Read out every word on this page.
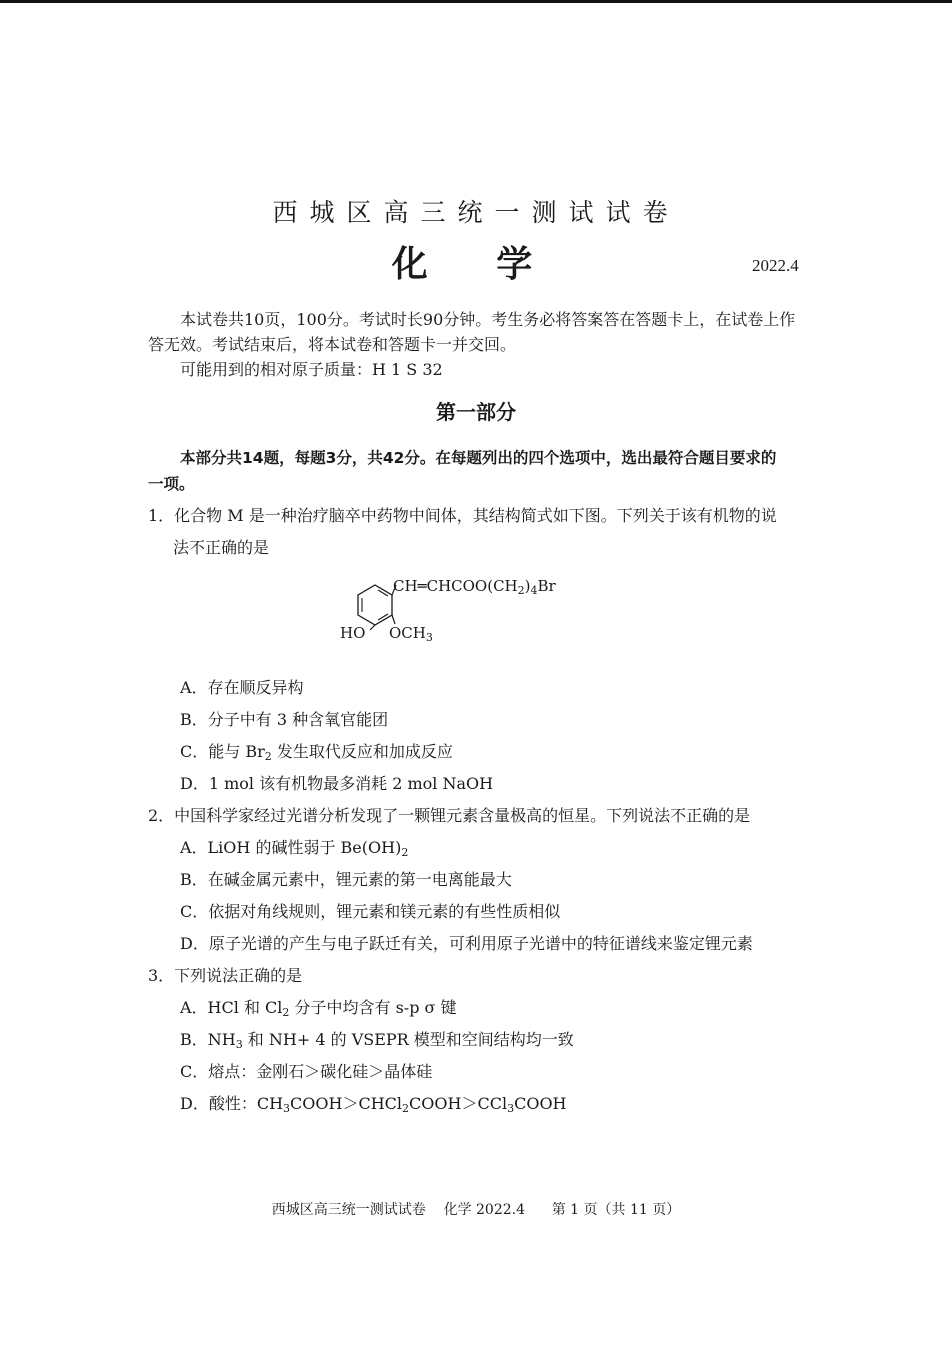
西城区高三统一测试试卷
化 学	2022.4
本试卷共10页，100分。考试时长90分钟。考生务必将答案答在答题卡上，在试卷上作
答无效。考试结束后，将本试卷和答题卡一并交回。
可能用到的相对原子质量：H 1 S 32
第一部分
本部分共14题，每题3分，共42分。在每题列出的四个选项中，选出最符合题目要求的
一项。
1．化合物 M 是一种治疗脑卒中药物中间体，其结构简式如下图。下列关于该有机物的说
法不正确的是
$CH═CHCOO(CH_2)_4Br$
HO $OCH_3$
A．存在顺反异构
B．分子中有 3 种含氧官能团
C．能与 $Br_2$ 发生取代反应和加成反应
D．1 mol 该有机物最多消耗 2 mol NaOH
2．中国科学家经过光谱分析发现了一颗锂元素含量极高的恒星。下列说法不正确的是
A．LiOH 的碱性弱于 $Be(OH)_2$
B．在碱金属元素中，锂元素的第一电离能最大
C．依据对角线规则，锂元素和镁元素的有些性质相似
D．原子光谱的产生与电子跃迁有关，可利用原子光谱中的特征谱线来鉴定锂元素
3．下列说法正确的是
A．HCl 和 $Cl_2$ 分子中均含有 s-p σ 键
B．$NH_3$ 和 NH+ 4 的 VSEPR 模型和空间结构均一致
C．熔点：金刚石＞碳化硅＞晶体硅
D．酸性：$CH_3COOH>CHCl_2COOH>CCl_3COOH$
西城区高三统一测试试卷    化学 2022.4      第 1 页（共 11 页）
